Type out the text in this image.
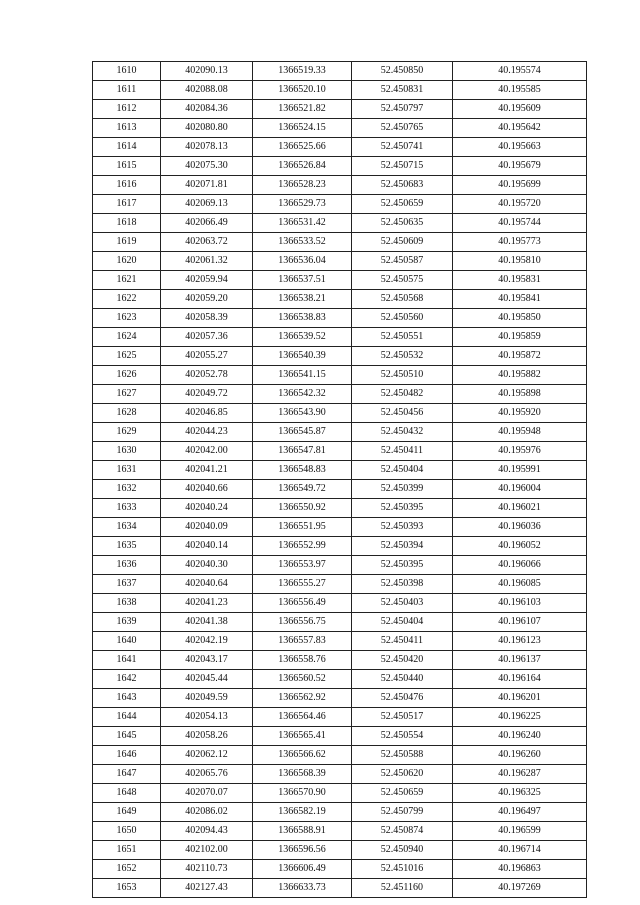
1610	402090.13	1366519.33	52.450850	40.195574
1611	402088.08	1366520.10	52.450831	40.195585
1612	402084.36	1366521.82	52.450797	40.195609
1613	402080.80	1366524.15	52.450765	40.195642
1614	402078.13	1366525.66	52.450741	40.195663
1615	402075.30	1366526.84	52.450715	40.195679
1616	402071.81	1366528.23	52.450683	40.195699
1617	402069.13	1366529.73	52.450659	40.195720
1618	402066.49	1366531.42	52.450635	40.195744
1619	402063.72	1366533.52	52.450609	40.195773
1620	402061.32	1366536.04	52.450587	40.195810
1621	402059.94	1366537.51	52.450575	40.195831
1622	402059.20	1366538.21	52.450568	40.195841
1623	402058.39	1366538.83	52.450560	40.195850
1624	402057.36	1366539.52	52.450551	40.195859
1625	402055.27	1366540.39	52.450532	40.195872
1626	402052.78	1366541.15	52.450510	40.195882
1627	402049.72	1366542.32	52.450482	40.195898
1628	402046.85	1366543.90	52.450456	40.195920
1629	402044.23	1366545.87	52.450432	40.195948
1630	402042.00	1366547.81	52.450411	40.195976
1631	402041.21	1366548.83	52.450404	40.195991
1632	402040.66	1366549.72	52.450399	40.196004
1633	402040.24	1366550.92	52.450395	40.196021
1634	402040.09	1366551.95	52.450393	40.196036
1635	402040.14	1366552.99	52.450394	40.196052
1636	402040.30	1366553.97	52.450395	40.196066
1637	402040.64	1366555.27	52.450398	40.196085
1638	402041.23	1366556.49	52.450403	40.196103
1639	402041.38	1366556.75	52.450404	40.196107
1640	402042.19	1366557.83	52.450411	40.196123
1641	402043.17	1366558.76	52.450420	40.196137
1642	402045.44	1366560.52	52.450440	40.196164
1643	402049.59	1366562.92	52.450476	40.196201
1644	402054.13	1366564.46	52.450517	40.196225
1645	402058.26	1366565.41	52.450554	40.196240
1646	402062.12	1366566.62	52.450588	40.196260
1647	402065.76	1366568.39	52.450620	40.196287
1648	402070.07	1366570.90	52.450659	40.196325
1649	402086.02	1366582.19	52.450799	40.196497
1650	402094.43	1366588.91	52.450874	40.196599
1651	402102.00	1366596.56	52.450940	40.196714
1652	402110.73	1366606.49	52.451016	40.196863
1653	402127.43	1366633.73	52.451160	40.197269
